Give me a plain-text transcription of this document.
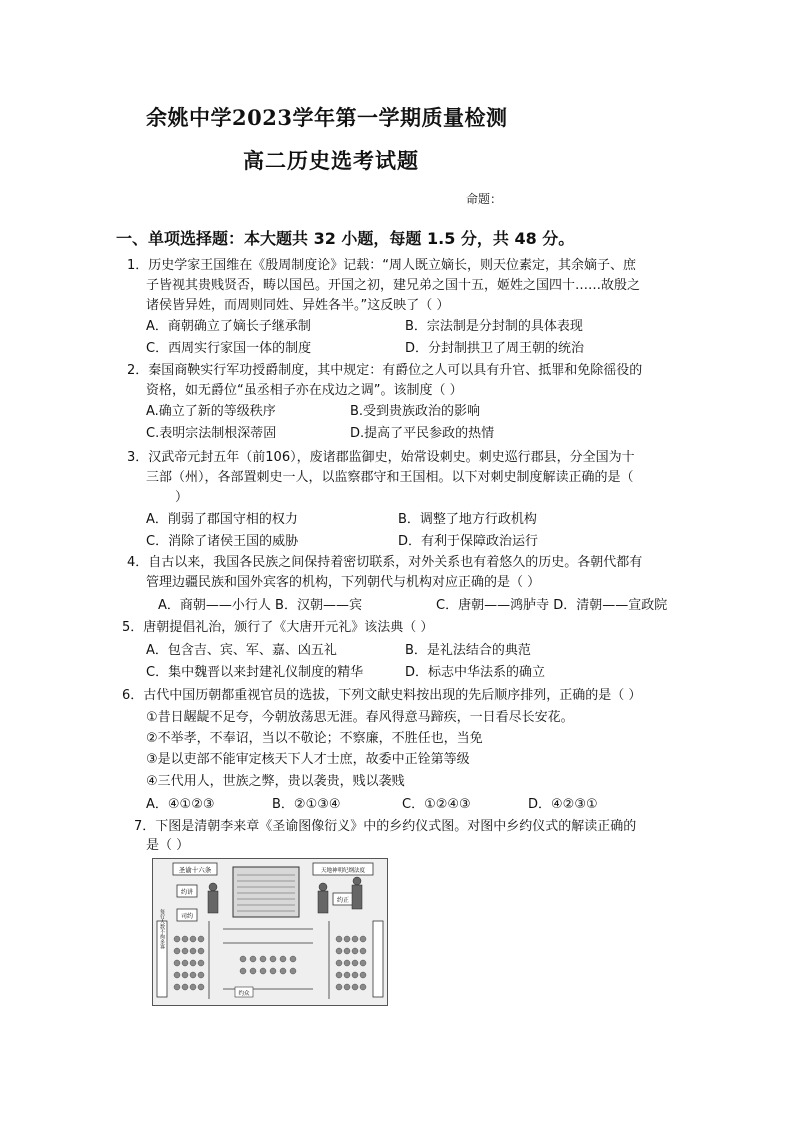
余姚中学2023学年第一学期质量检测
高二历史选考试题
命题：
一、单项选择题：本大题共 32 小题，每题 1.5 分，共 48 分。
1．历史学家王国维在《殷周制度论》记载：“周人既立嫡长，则天位素定，其余嫡子、庶
子皆视其贵贱贤否，畴以国邑。开国之初，建兄弟之国十五，姬姓之国四十……故殷之
诸侯皆异姓，而周则同姓、异姓各半。”这反映了（ ）
A．商朝确立了嫡长子继承制	B．宗法制是分封制的具体表现
C．西周实行家国一体的制度	D．分封制拱卫了周王朝的统治
2．秦国商鞅实行军功授爵制度，其中规定：有爵位之人可以具有升官、抵罪和免除徭役的
资格，如无爵位“虽丞相子亦在戍边之调”。该制度（ ）
A.确立了新的等级秩序	B.受到贵族政治的影响
C.表明宗法制根深蒂固	D.提高了平民参政的热情
3．汉武帝元封五年（前106），废诸郡监御史，始常设刺史。刺史巡行郡县，分全国为十
三部（州），各部置刺史一人，以监察郡守和王国相。以下对刺史制度解读正确的是（
）
A．削弱了郡国守相的权力	B．调整了地方行政机构
C．消除了诸侯王国的威胁	D．有利于保障政治运行
4．自古以来，我国各民族之间保持着密切联系，对外关系也有着悠久的历史。各朝代都有
管理边疆民族和国外宾客的机构，下列朝代与机构对应正确的是（ ）
A．商朝——小行人 B．汉朝——宾	C．唐朝——鸿胪寺 D．清朝——宣政院
5．唐朝提倡礼治，颁行了《大唐开元礼》该法典（ ）
A．包含吉、宾、军、嘉、凶五礼	B．是礼法结合的典范
C．集中魏晋以来封建礼仪制度的精华	D．标志中华法系的确立
6．古代中国历朝都重视官员的选拔，下列文献史料按出现的先后顺序排列，正确的是（ ）
①昔日龌龊不足夸，今朝放荡思无涯。春风得意马蹄疾，一日看尽长安花。
②不举孝，不奉诏，当以不敬论；不察廉，不胜任也，当免
③是以吏部不能审定核天下人才士庶，故委中正铨第等级
④三代用人，世族之弊，贵以袭贵，贱以袭贱
A．④①②③	B．②①③④	C．①②④③	D．④②③①
7．下图是清朝李来章《圣谕图像衍义》中的乡约仪式图。对图中乡约仪式的解读正确的
是（ ）
圣谕十六条	天地神明纪纲法度
约讲
司约
约正
每行人数不拘多寡
约众
